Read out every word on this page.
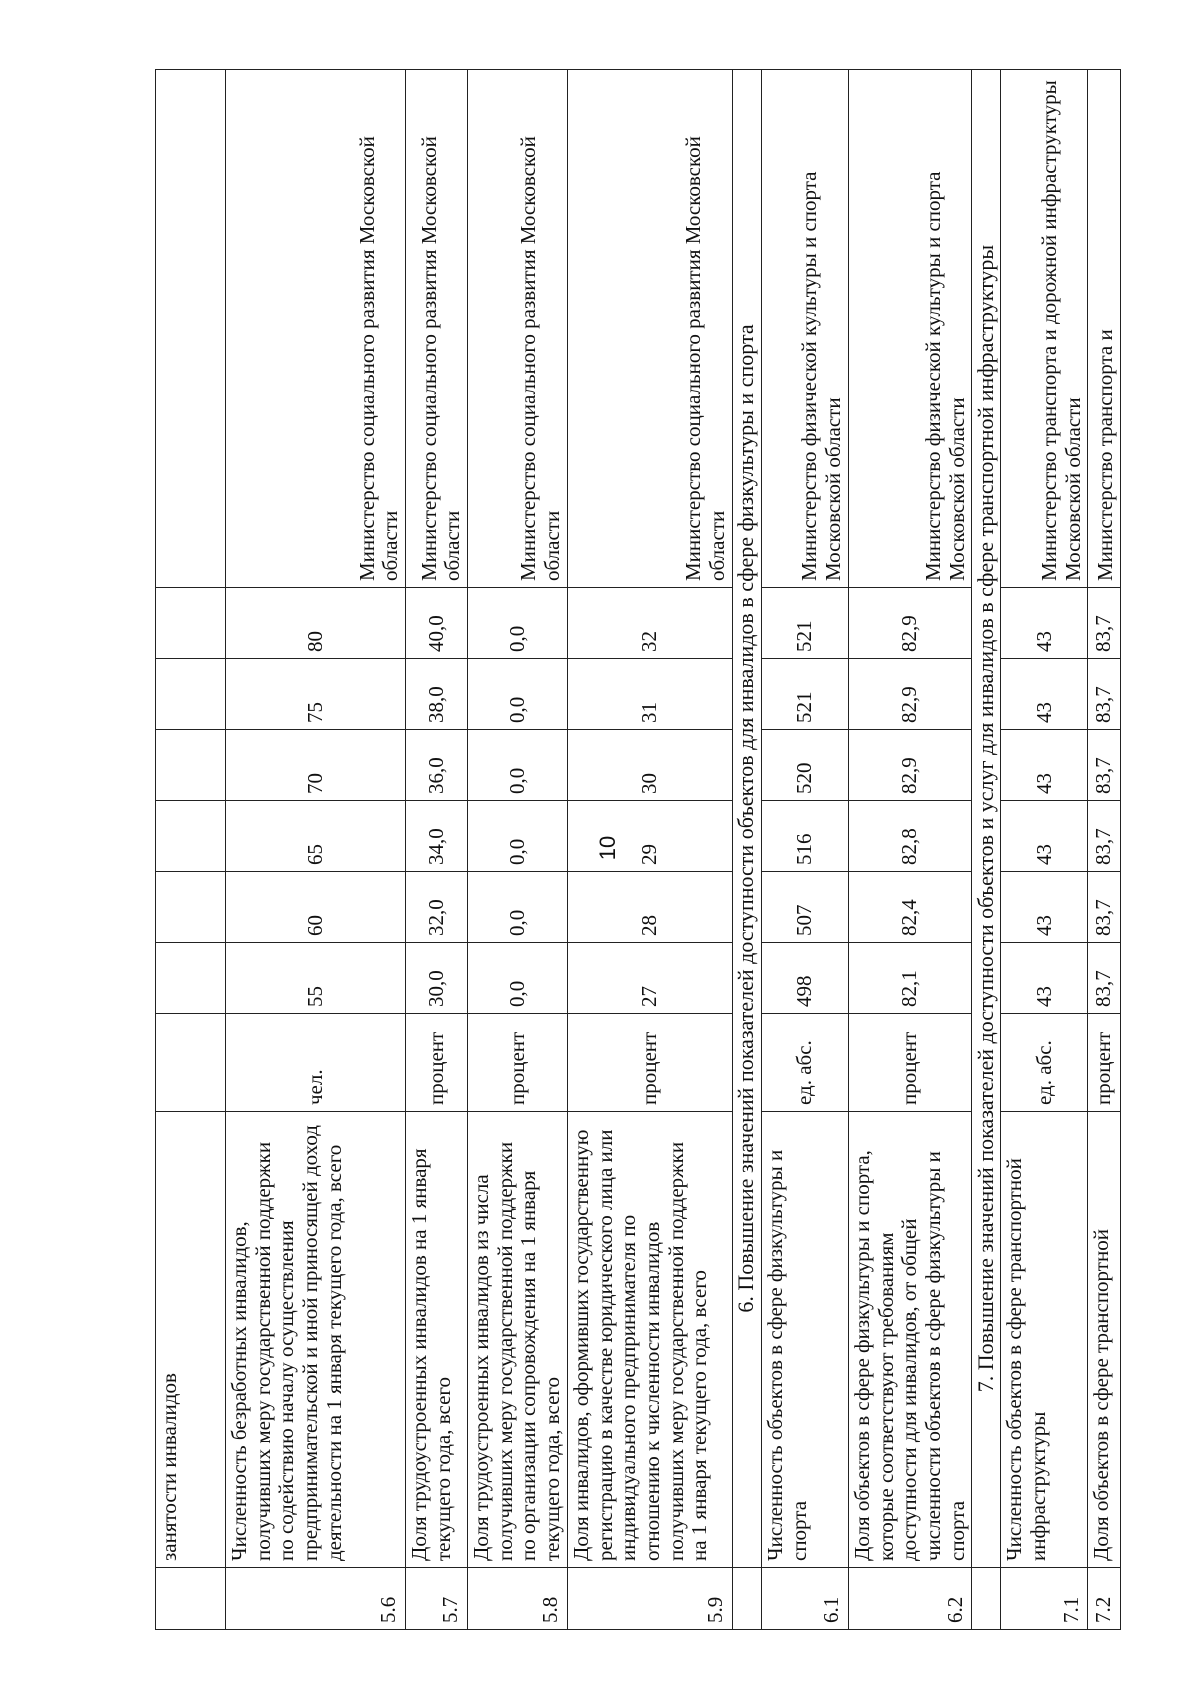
10
	занятости инвалидов								
5.6	Численность безработных инвалидов, получивших меру государственной поддержки по содействию началу осуществления предпринимательской и иной приносящей доход деятельности на 1 января текущего года, всего	чел.	55	60	65	70	75	80	Министерство социального развития Московской области
5.7	Доля трудоустроенных инвалидов на 1 января текущего года, всего	процент	30,0	32,0	34,0	36,0	38,0	40,0	Министерство социального развития Московской области
5.8	Доля трудоустроенных инвалидов из числа получивших меру государственной поддержки по организации сопровождения на 1 января текущего года, всего	процент	0,0	0,0	0,0	0,0	0,0	0,0	Министерство социального развития Московской области
5.9	Доля инвалидов, оформивших государственную регистрацию в качестве юридического лица или индивидуального предпринимателя по отношению к численности инвалидов получивших меру государственной поддержки на 1 января текущего года, всего	процент	27	28	29	30	31	32	Министерство социального развития Московской области
	6. Повышение значений показателей доступности объектов для инвалидов в сфере физкультуры и спорта								
6.1	Численность объектов в сфере физкультуры и спорта	ед. абс.	498	507	516	520	521	521	Министерство физической культуры и спорта Московской области
6.2	Доля объектов в сфере физкультуры и спорта, которые соответствуют требованиям доступности для инвалидов, от общей численности объектов в сфере физкультуры и спорта	процент	82,1	82,4	82,8	82,9	82,9	82,9	Министерство физической культуры и спорта Московской области
	7. Повышение значений показателей доступности объектов и услуг для инвалидов в сфере транспортной инфраструктуры								
7.1	Численность объектов в сфере транспортной инфраструктуры	ед. абс.	43	43	43	43	43	43	Министерство транспорта и дорожной инфраструктуры Московской области
7.2	Доля объектов в сфере транспортной	процент	83,7	83,7	83,7	83,7	83,7	83,7	Министерство транспорта и
